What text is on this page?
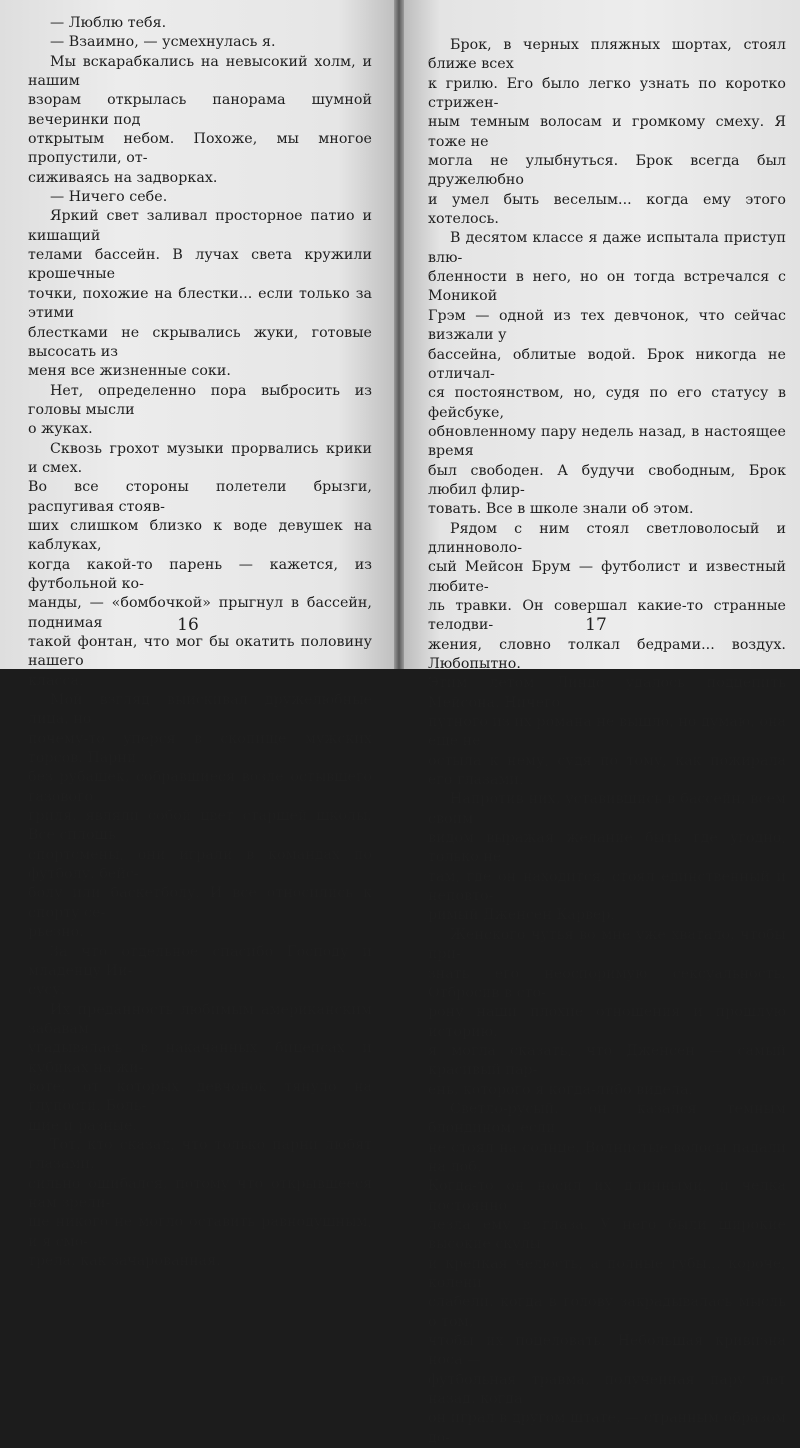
— Люблю тебя.

— Взаимно, — усмехнулась я.

Мы вскарабкались на невысокий холм, и нашим
взорам открылась панорама шумной вечеринки под
открытым небом. Похоже, мы многое пропустили, от-
сиживаясь на задворках.

— Ничего себе.

Яркий свет заливал просторное патио и кишащий
телами бассейн. В лучах света кружили крошечные
точки, похожие на блестки... если только за этими
блестками не скрывались жуки, готовые высосать из
меня все жизненные соки.

Нет, определенно пора выбросить из головы мысли
о жуках.

Сквозь грохот музыки прорвались крики и смех.
Во все стороны полетели брызги, распугивая стояв-
ших слишком близко к воде девушек на каблуках,
когда какой-то парень — кажется, из футбольной ко-
манды, — «бомбочкой» прыгнул в бассейн, поднимая
такой фонтан, что мог бы окатить половину нашего
класса.

Мой взгляд выискивал дружелюбные лица, но
почему-то уперся в скопище мужских торсов. Парни
без рубашек, собравшиеся возле остывшего газового
гриля, являли собой цвет старшей школы. Все сплошь
спортсмены, они играли в командах по футболу, бейс-
болу или баскетболу. И все относились к спорту се-
рьезно.

За что отдельное спасибо Господу и младенцу Ии-
сусу.

Их преданность любимым американским забавам
угадывалась в накачанных бицепсах и кубиках на жи-
воте, от которых девчонок тянуло на глупости. Боль-
шие и разные.

Тот, кто сказал, что только парни любят глазами,
сильно ошибался, потому что открывшееся нам зрели-
ще никого не могло оставить равнодушным, и я смо-
трела, как зачарованная.

16

Брок, в черных пляжных шортах, стоял ближе всех
к грилю. Его было легко узнать по коротко стрижен-
ным темным волосам и громкому смеху. Я тоже не
могла не улыбнуться. Брок всегда был дружелюбно
и умел быть веселым... когда ему этого хотелось.

В десятом классе я даже испытала приступ влю-
бленности в него, но он тогда встречался с Моникой
Грэм — одной из тех девчонок, что сейчас визжали у
бассейна, облитые водой. Брок никогда не отличал-
ся постоянством, но, судя по его статусу в фейсбуке,
обновленному пару недель назад, в настоящее время
был свободен. А будучи свободным, Брок любил флир-
товать. Все в школе знали об этом.

Рядом с ним стоял светловолосый и длинноволо-
сый Мейсон Брум — футболист и известный любите-
ль травки. Он совершал какие-то странные телодви-
жения, словно толкал бедрами... воздух. Любопытно.
Этим летом Линдс удалось подцепить Мейсона. Ничего
путного из их романа не вышло, но думаю, она еще не
остыла к нему, судя по тому, как пожирала его глазами.

Напротив них, уставившись в бассейн, всем своим
видом выражая желание быть где угодно, только не
там, где он находится, стоял единственный и неповто-
римый Дженсен Карвер.

Женского чутья во мне уже хватало, чтобы при-
знать его неоспоримую сексуальность. Отбросив в сто-
рону наши плохие отношения и прошлую историю,
я могла сказать, что Дженсен — самый красивый пар-
ень, которого я когда-либо видела.

Светло-русый, он казался темным блондином, если
не стоял на солнце. Волнистые волосы падали на лоб.
Когда-то он носил их длинными, и челка постоянно
лезла ему в глаза. У него были широкие высокие скулы
и крепкая челюсть, а полные губы... короче, колени
слабели, когда в голову закрадывалась мысль о том,
чтобы их поцеловать. Небольшая кривизна носа —
футбольная травма, полученная пару лет назад, когда
он играл в другом штате, — странным образом до-

17
